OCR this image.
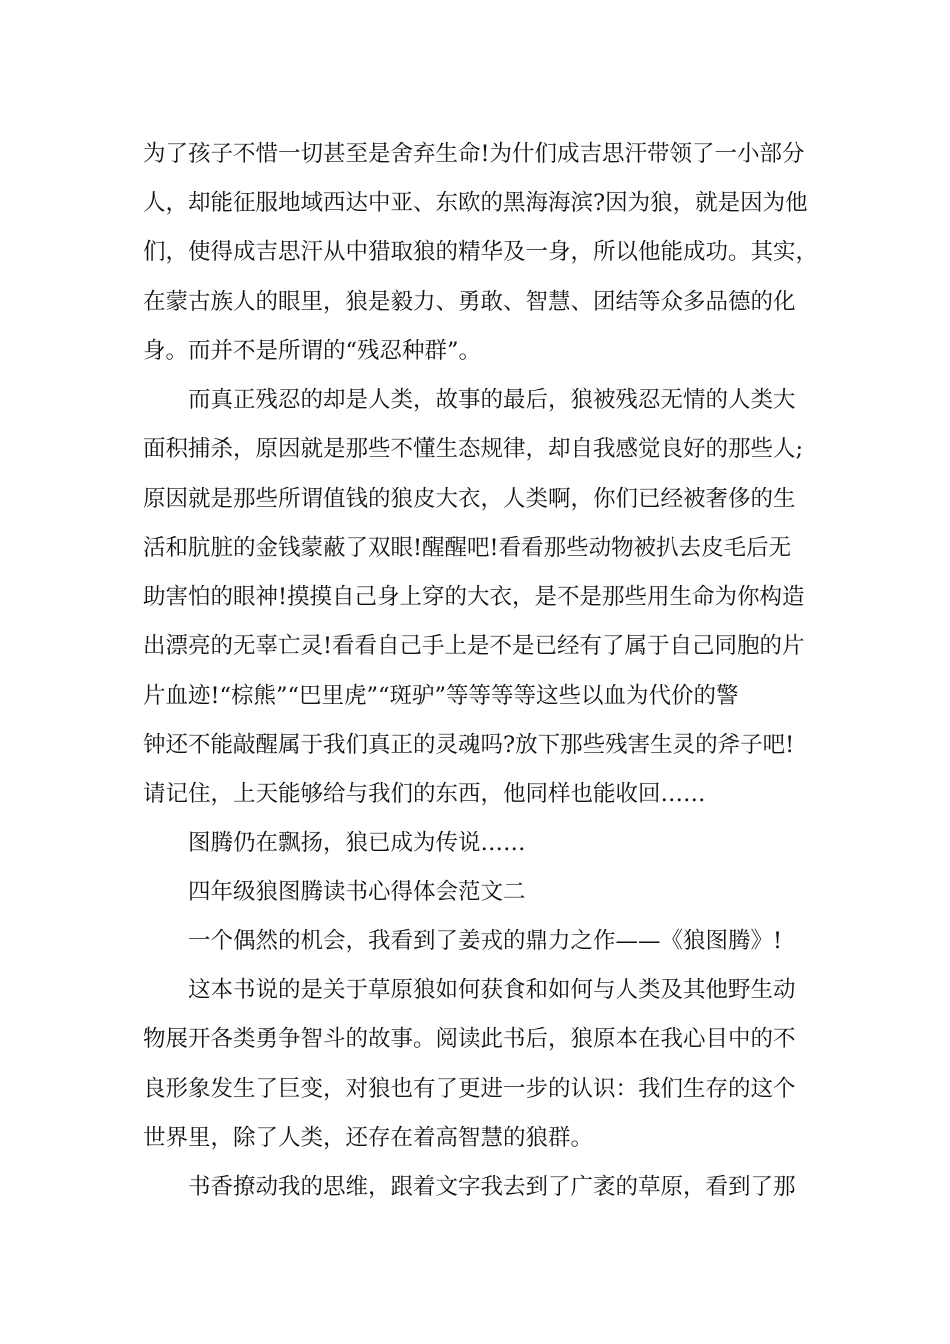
为了孩子不惜一切甚至是舍弃生命!为什们成吉思汗带领了一小部分

人，却能征服地域西达中亚、东欧的黑海海滨?因为狼，就是因为他

们，使得成吉思汗从中猎取狼的精华及一身，所以他能成功。其实，

在蒙古族人的眼里，狼是毅力、勇敢、智慧、团结等众多品德的化

身。而并不是所谓的“残忍种群”。

而真正残忍的却是人类，故事的最后，狼被残忍无情的人类大

面积捕杀，原因就是那些不懂生态规律，却自我感觉良好的那些人;

原因就是那些所谓值钱的狼皮大衣，人类啊，你们已经被奢侈的生

活和肮脏的金钱蒙蔽了双眼!醒醒吧!看看那些动物被扒去皮毛后无

助害怕的眼神!摸摸自己身上穿的大衣，是不是那些用生命为你构造

出漂亮的无辜亡灵!看看自己手上是不是已经有了属于自己同胞的片

片血迹!“棕熊”“巴里虎”“斑驴”等等等等这些以血为代价的警

钟还不能敲醒属于我们真正的灵魂吗?放下那些残害生灵的斧子吧!

请记住，上天能够给与我们的东西，他同样也能收回……

图腾仍在飘扬，狼已成为传说……

四年级狼图腾读书心得体会范文二

一个偶然的机会，我看到了姜戎的鼎力之作——《狼图腾》!

这本书说的是关于草原狼如何获食和如何与人类及其他野生动

物展开各类勇争智斗的故事。阅读此书后，狼原本在我心目中的不

良形象发生了巨变，对狼也有了更进一步的认识：我们生存的这个

世界里，除了人类，还存在着高智慧的狼群。

书香撩动我的思维，跟着文字我去到了广袤的草原，看到了那
